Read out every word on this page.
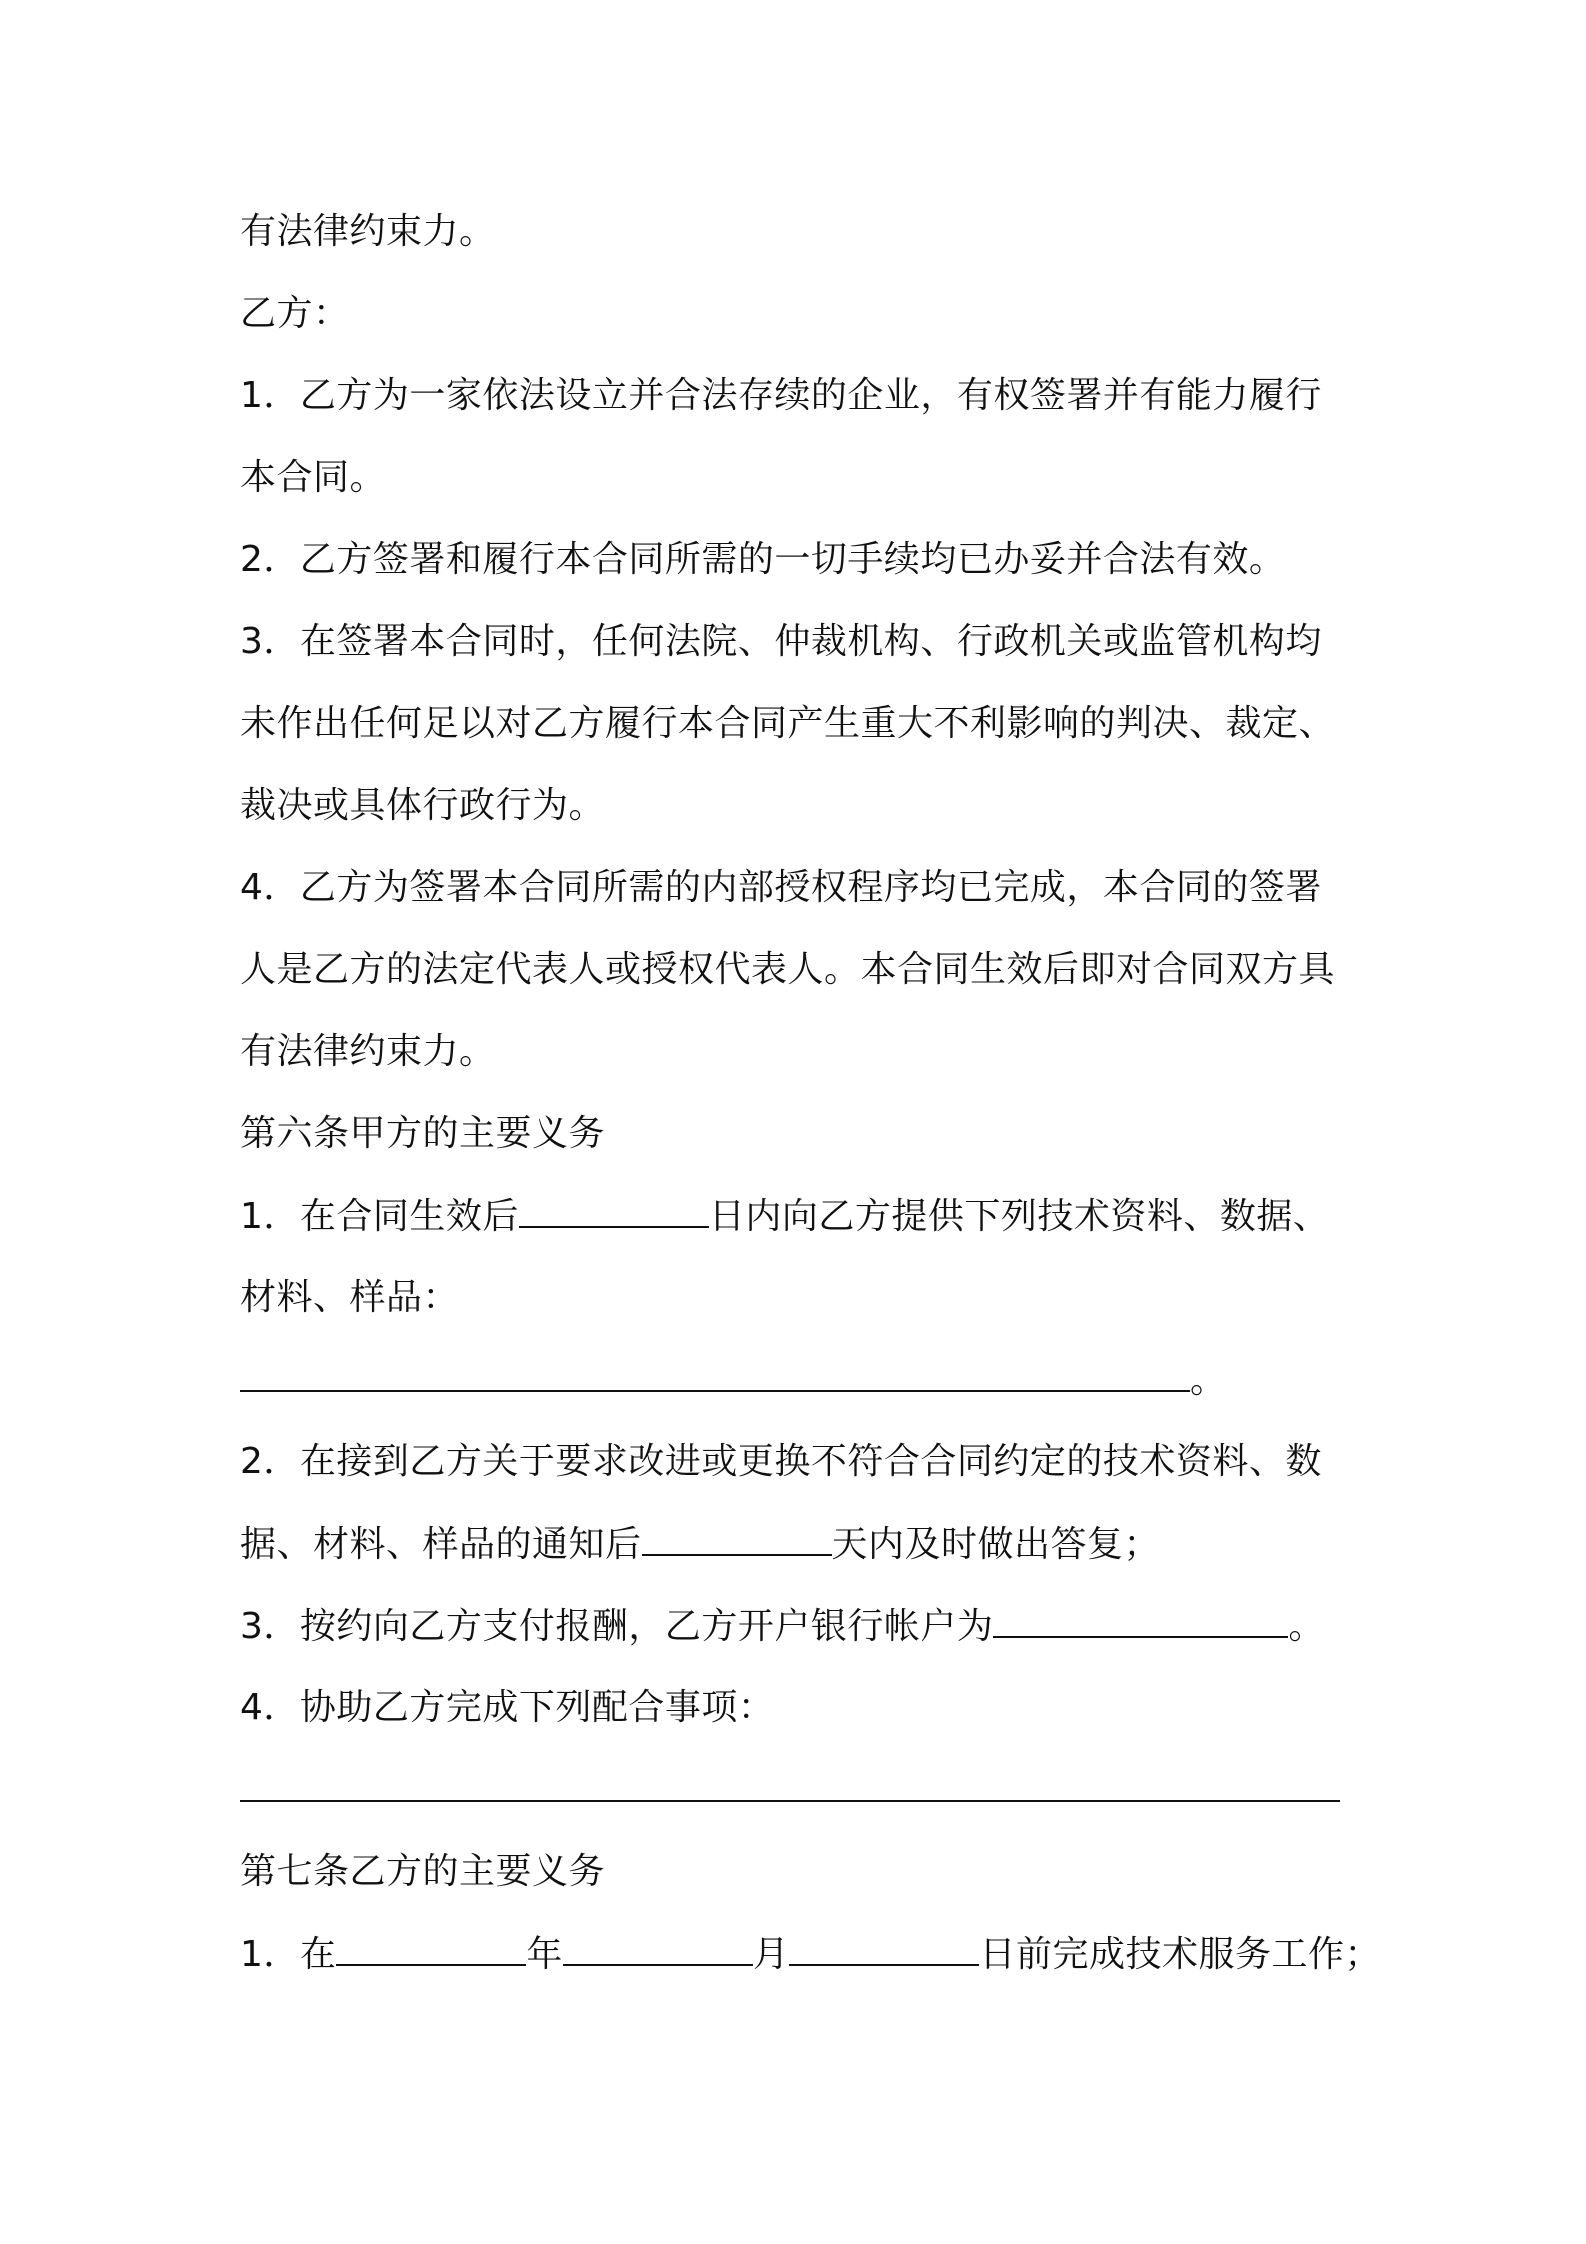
有法律约束力。
乙方：
1．乙方为一家依法设立并合法存续的企业，有权签署并有能力履行
本合同。
2．乙方签署和履行本合同所需的一切手续均已办妥并合法有效。
3．在签署本合同时，任何法院、仲裁机构、行政机关或监管机构均
未作出任何足以对乙方履行本合同产生重大不利影响的判决、裁定、
裁决或具体行政行为。
4．乙方为签署本合同所需的内部授权程序均已完成，本合同的签署
人是乙方的法定代表人或授权代表人。本合同生效后即对合同双方具
有法律约束力。
第六条甲方的主要义务
1．在合同生效后	日内向乙方提供下列技术资料、数据、
材料、样品：
。
2．在接到乙方关于要求改进或更换不符合合同约定的技术资料、数
据、材料、样品的通知后	天内及时做出答复；
3．按约向乙方支付报酬，乙方开户银行帐户为	。
4．协助乙方完成下列配合事项：
第七条乙方的主要义务
1．在	年	月	日前完成技术服务工作；
